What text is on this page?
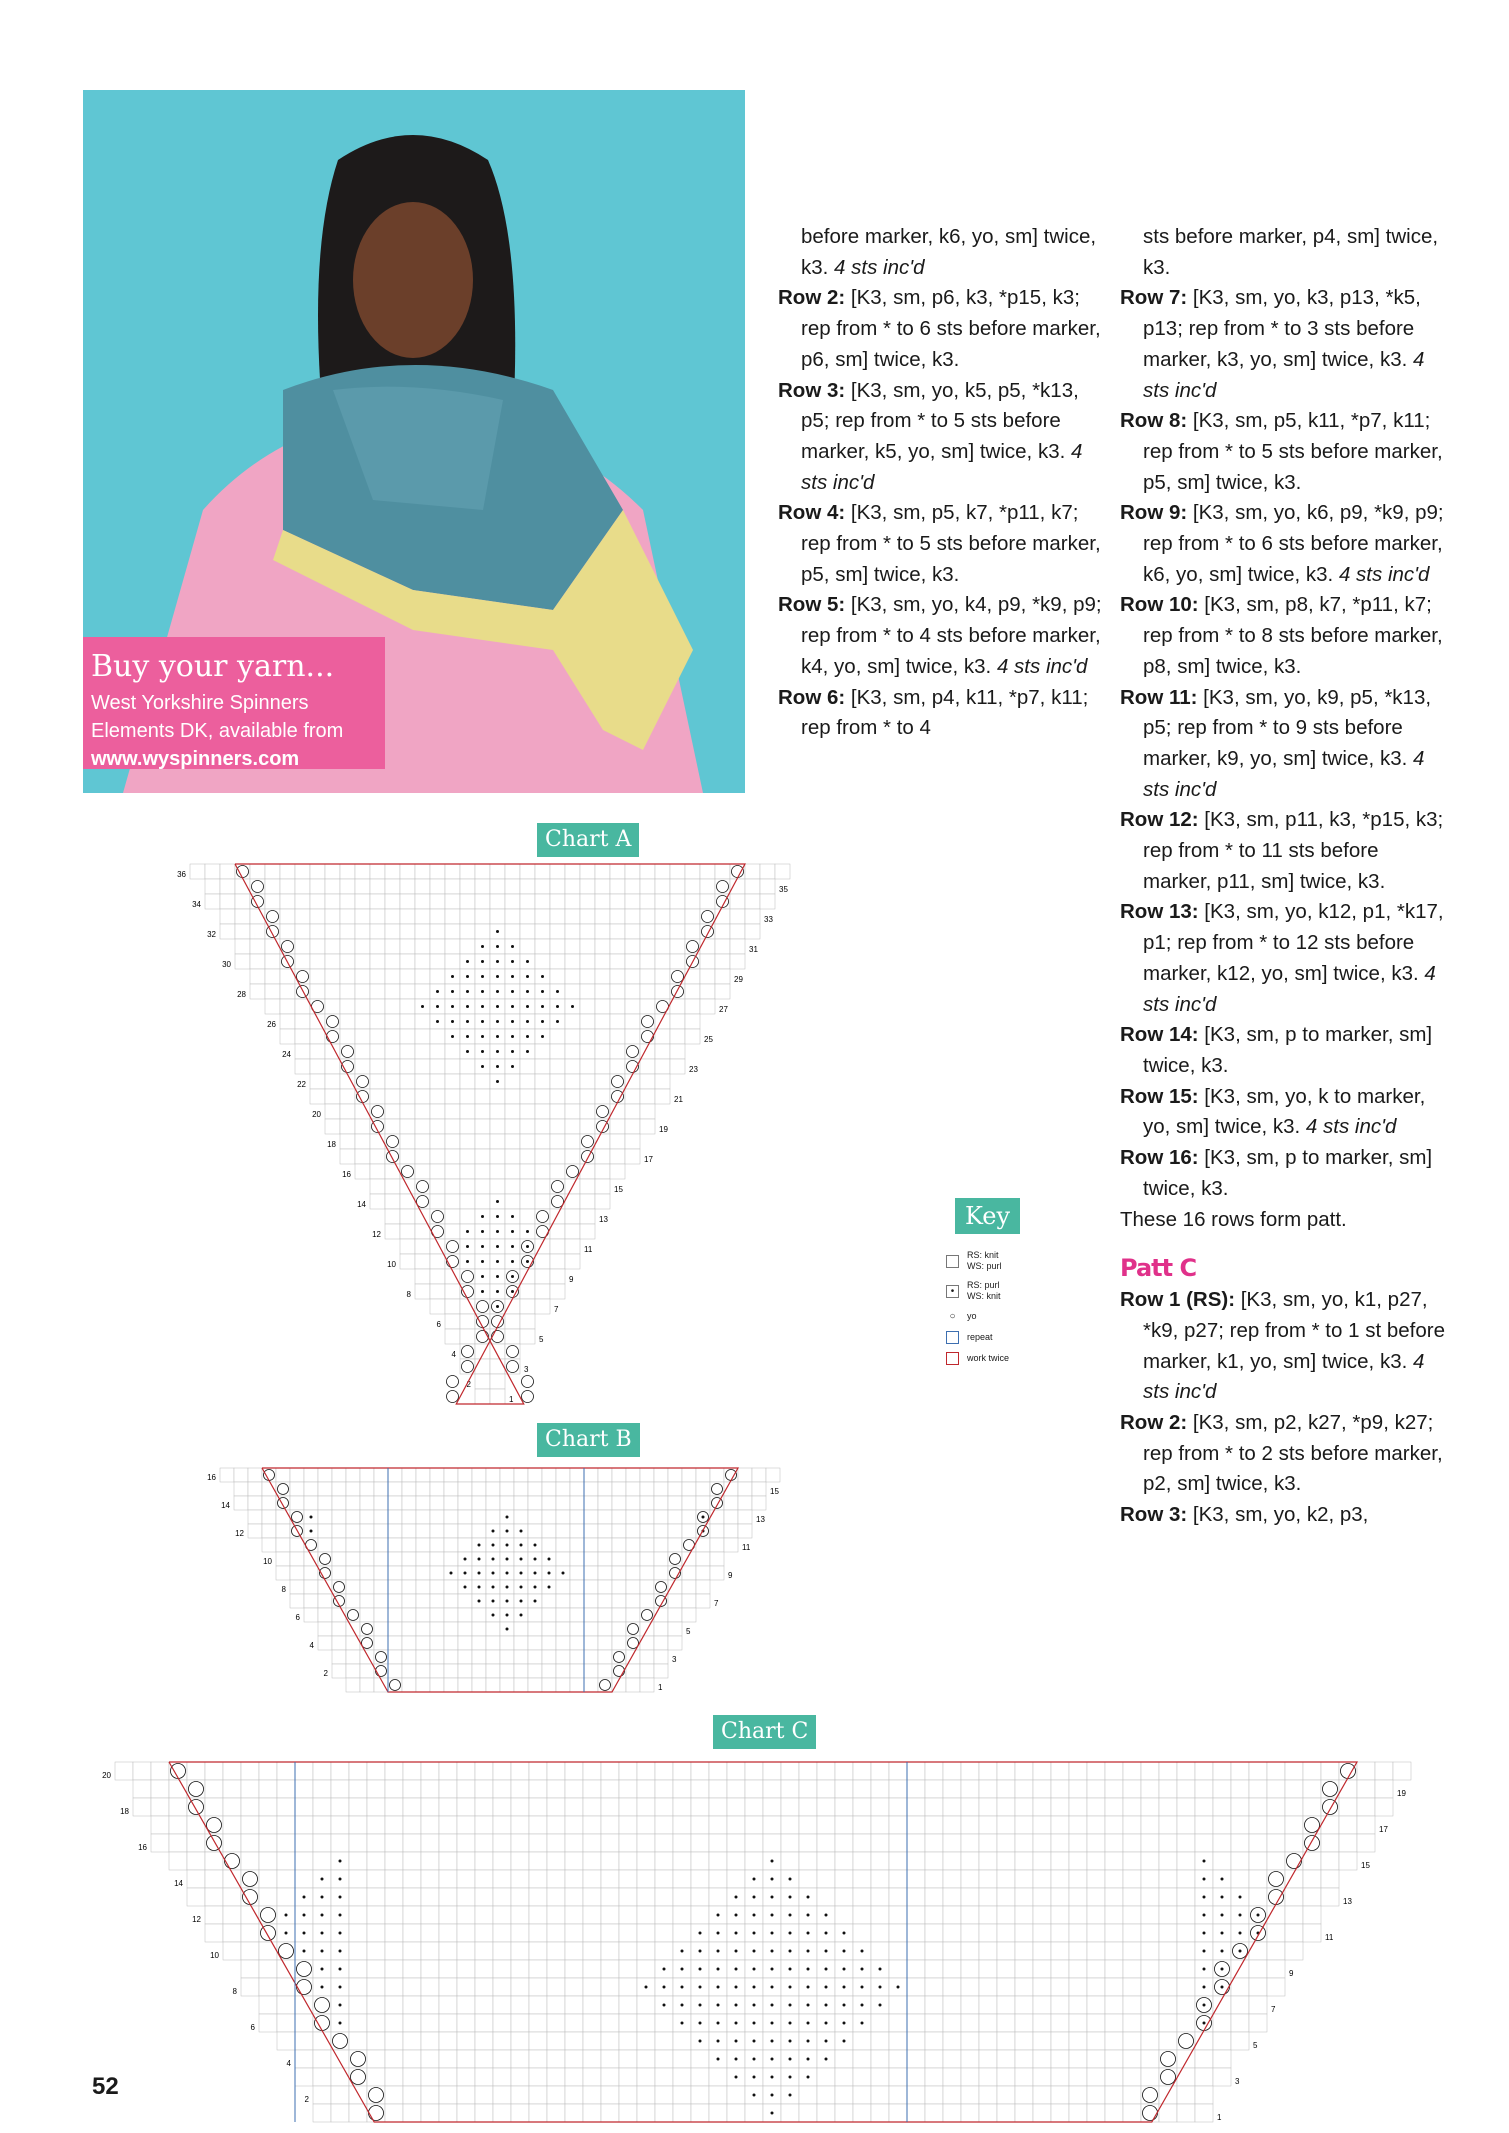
Buy your yarn...
West Yorkshire Spinners
Elements DK, available from
www.wyspinners.com

before marker, k6, yo, sm] twice, k3. 4 sts inc'd

Row 2: [K3, sm, p6, k3, *p15, k3; rep from * to 6 sts before marker, p6, sm] twice, k3.

Row 3: [K3, sm, yo, k5, p5, *k13, p5; rep from * to 5 sts before marker, k5, yo, sm] twice, k3. 4 sts inc'd

Row 4: [K3, sm, p5, k7, *p11, k7; rep from * to 5 sts before marker, p5, sm] twice, k3.

Row 5: [K3, sm, yo, k4, p9, *k9, p9; rep from * to 4 sts before marker, k4, yo, sm] twice, k3. 4 sts inc'd

Row 6: [K3, sm, p4, k11, *p7, k11; rep from * to 4

sts before marker, p4, sm] twice, k3.

Row 7: [K3, sm, yo, k3, p13, *k5, p13; rep from * to 3 sts before marker, k3, yo, sm] twice, k3. 4 sts inc'd

Row 8: [K3, sm, p5, k11, *p7, k11; rep from * to 5 sts before marker, p5, sm] twice, k3.

Row 9: [K3, sm, yo, k6, p9, *k9, p9; rep from * to 6 sts before marker, k6, yo, sm] twice, k3. 4 sts inc'd

Row 10: [K3, sm, p8, k7, *p11, k7; rep from * to 8 sts before marker, p8, sm] twice, k3.

Row 11: [K3, sm, yo, k9, p5, *k13, p5; rep from * to 9 sts before marker, k9, yo, sm] twice, k3. 4 sts inc'd

Row 12: [K3, sm, p11, k3, *p15, k3; rep from * to 11 sts before marker, p11, sm] twice, k3.

Row 13: [K3, sm, yo, k12, p1, *k17, p1; rep from * to 12 sts before marker, k12, yo, sm] twice, k3. 4 sts inc'd

Row 14: [K3, sm, p to marker, sm] twice, k3.

Row 15: [K3, sm, yo, k to marker, yo, sm] twice, k3. 4 sts inc'd

Row 16: [K3, sm, p to marker, sm] twice, k3.

These 16 rows form patt.

Patt C

Row 1 (RS): [K3, sm, yo, k1, p27, *k9, p27; rep from * to 1 st before marker, k1, yo, sm] twice, k3. 4 sts inc'd

Row 2: [K3, sm, p2, k27, *p9, k27; rep from * to 2 sts before marker, p2, sm] twice, k3.

Row 3: [K3, sm, yo, k2, p3,

Chart A
Chart B
Chart C
36
35
34
33
32
31
30
29
28
27
26
25
24
23
22
21
20
19
18
17
16
15
14
13
12
11
10
9
8
7
6
5
4
3
2
1
16
15
14
13
12
11
10
9
8
7
6
5
4
3
2
1
20
19
18
17
16
15
14
13
12
11
10
9
8
7
6
5
4
3
2
1
Key
RS: knit
WS: purl
•
RS: purl
WS: knit
○	yo
repeat
work twice
52
